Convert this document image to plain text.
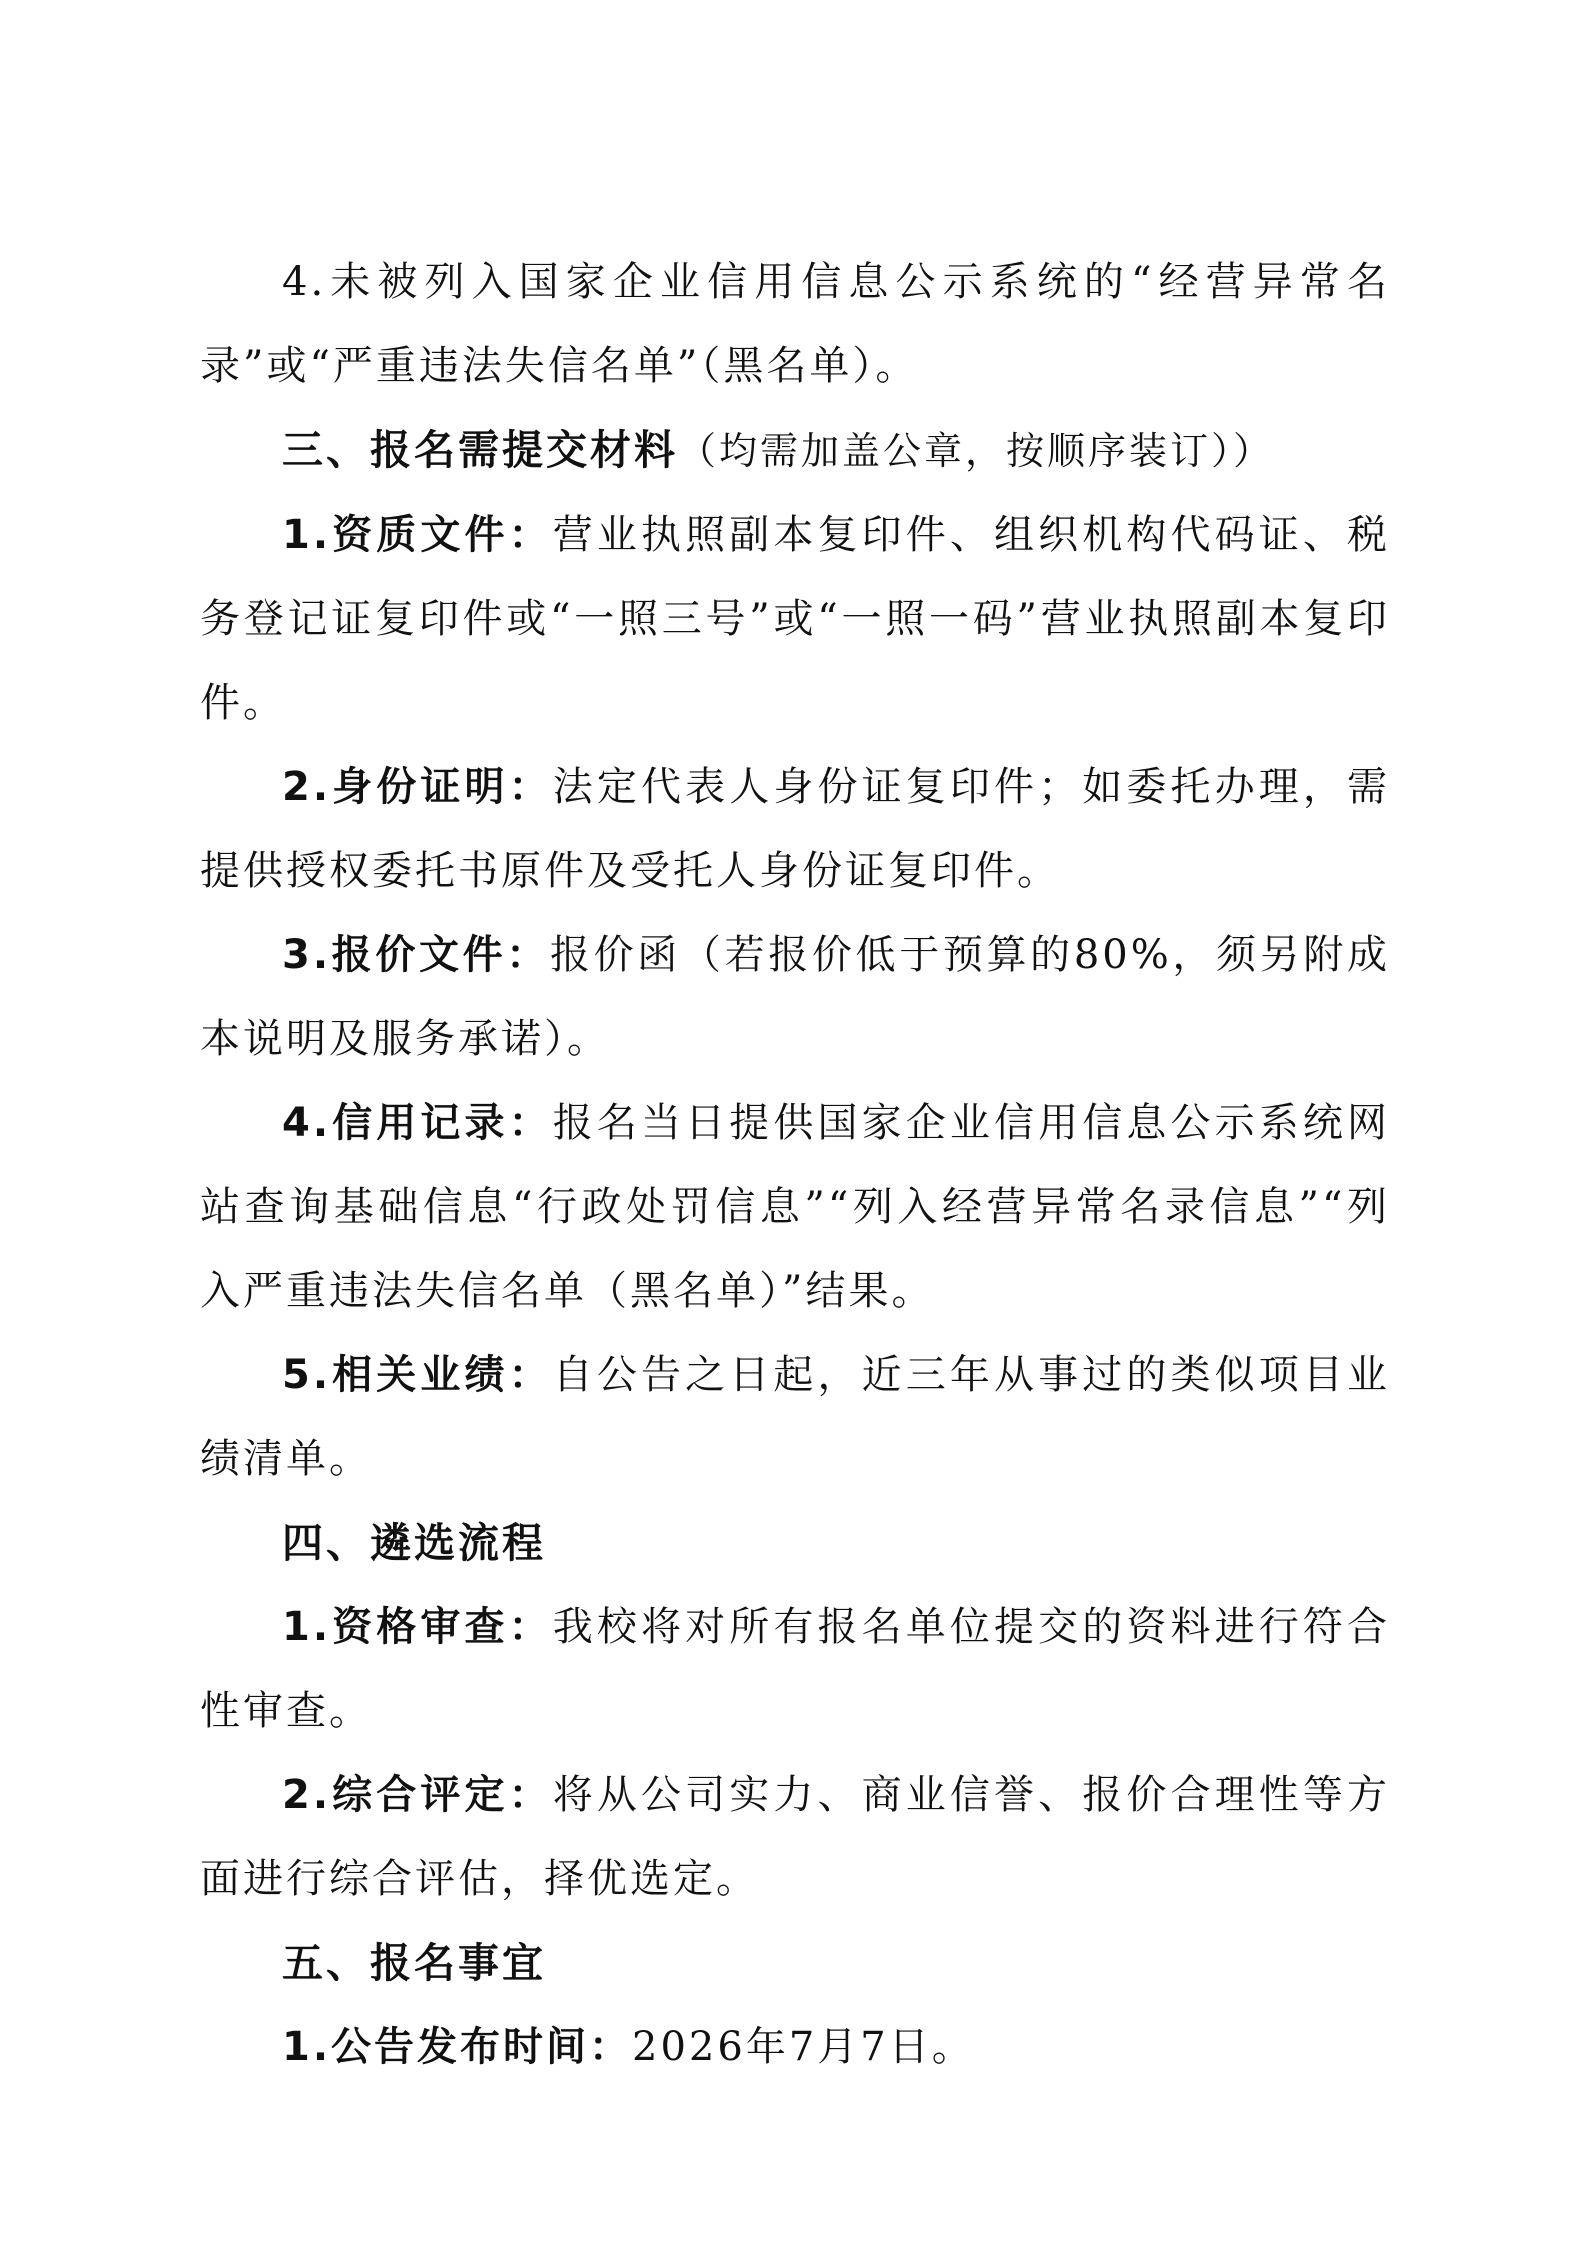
4.未被列入国家企业信用信息公示系统的“经营异常名录”或“严重违法失信名单”（黑名单）。

三、报名需提交材料（均需加盖公章，按顺序装订））

1.资质文件：营业执照副本复印件、组织机构代码证、税务登记证复印件或“一照三号”或“一照一码”营业执照副本复印件。

2.身份证明：法定代表人身份证复印件；如委托办理，需提供授权委托书原件及受托人身份证复印件。

3.报价文件：报价函（若报价低于预算的80%，须另附成本说明及服务承诺）。

4.信用记录：报名当日提供国家企业信用信息公示系统网站查询基础信息“行政处罚信息”“列入经营异常名录信息”“列入严重违法失信名单（黑名单）”结果。

5.相关业绩：自公告之日起，近三年从事过的类似项目业绩清单。

四、遴选流程

1.资格审查：我校将对所有报名单位提交的资料进行符合性审查。

2.综合评定：将从公司实力、商业信誉、报价合理性等方面进行综合评估，择优选定。

五、报名事宜

1.公告发布时间：2026年7月7日。
